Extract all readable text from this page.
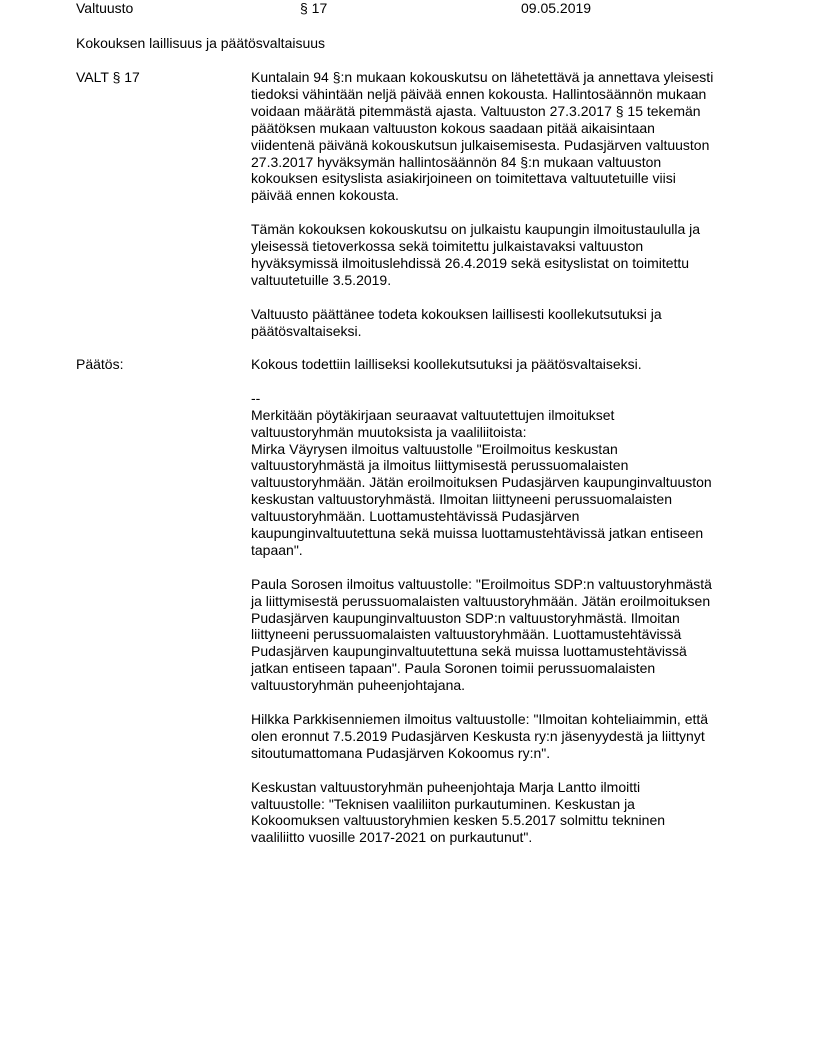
Valtuusto	§ 17	09.05.2019
Kokouksen laillisuus ja päätösvaltaisuus
VALT § 17	Kuntalain 94 §:n mukaan kokouskutsu on lähetettävä ja annettava yleisesti

tiedoksi vähintään neljä päivää ennen kokousta. Hallintosäännön mukaan

voidaan määrätä pitemmästä ajasta. Valtuuston 27.3.2017 § 15 tekemän

päätöksen mukaan valtuuston kokous saadaan pitää aikaisintaan

viidentenä päivänä kokouskutsun julkaisemisesta. Pudasjärven valtuuston

27.3.2017 hyväksymän hallintosäännön 84 §:n mukaan valtuuston

kokouksen esityslista asiakirjoineen on toimitettava valtuutetuille viisi

päivää ennen kokousta.

Tämän kokouksen kokouskutsu on julkaistu kaupungin ilmoitustaululla ja

yleisessä tietoverkossa sekä toimitettu julkaistavaksi valtuuston

hyväksymissä ilmoituslehdissä 26.4.2019 sekä esityslistat on toimitettu

valtuutetuille 3.5.2019.

Valtuusto päättänee todeta kokouksen laillisesti koollekutsutuksi ja

päätösvaltaiseksi.

Päätös:	Kokous todettiin lailliseksi koollekutsutuksi ja päätösvaltaiseksi.

--

Merkitään pöytäkirjaan seuraavat valtuutettujen ilmoitukset

valtuustoryhmän muutoksista ja vaaliliitoista:

Mirka Väyrysen ilmoitus valtuustolle "Eroilmoitus keskustan

valtuustoryhmästä ja ilmoitus liittymisestä perussuomalaisten

valtuustoryhmään. Jätän eroilmoituksen Pudasjärven kaupunginvaltuuston

keskustan valtuustoryhmästä. Ilmoitan liittyneeni perussuomalaisten

valtuustoryhmään. Luottamustehtävissä Pudasjärven

kaupunginvaltuutettuna sekä muissa luottamustehtävissä jatkan entiseen

tapaan".

Paula Sorosen ilmoitus valtuustolle: "Eroilmoitus SDP:n valtuustoryhmästä

ja liittymisestä perussuomalaisten valtuustoryhmään. Jätän eroilmoituksen

Pudasjärven kaupunginvaltuuston SDP:n valtuustoryhmästä. Ilmoitan

liittyneeni perussuomalaisten valtuustoryhmään. Luottamustehtävissä

Pudasjärven kaupunginvaltuutettuna sekä muissa luottamustehtävissä

jatkan entiseen tapaan". Paula Soronen toimii perussuomalaisten

valtuustoryhmän puheenjohtajana.

Hilkka Parkkisenniemen ilmoitus valtuustolle: "Ilmoitan kohteliaimmin, että

olen eronnut 7.5.2019 Pudasjärven Keskusta ry:n jäsenyydestä ja liittynyt

sitoutumattomana Pudasjärven Kokoomus ry:n".

Keskustan valtuustoryhmän puheenjohtaja Marja Lantto ilmoitti

valtuustolle: "Teknisen vaaliliiton purkautuminen. Keskustan ja

Kokoomuksen valtuustoryhmien kesken 5.5.2017 solmittu tekninen

vaaliliitto vuosille 2017-2021 on purkautunut".
